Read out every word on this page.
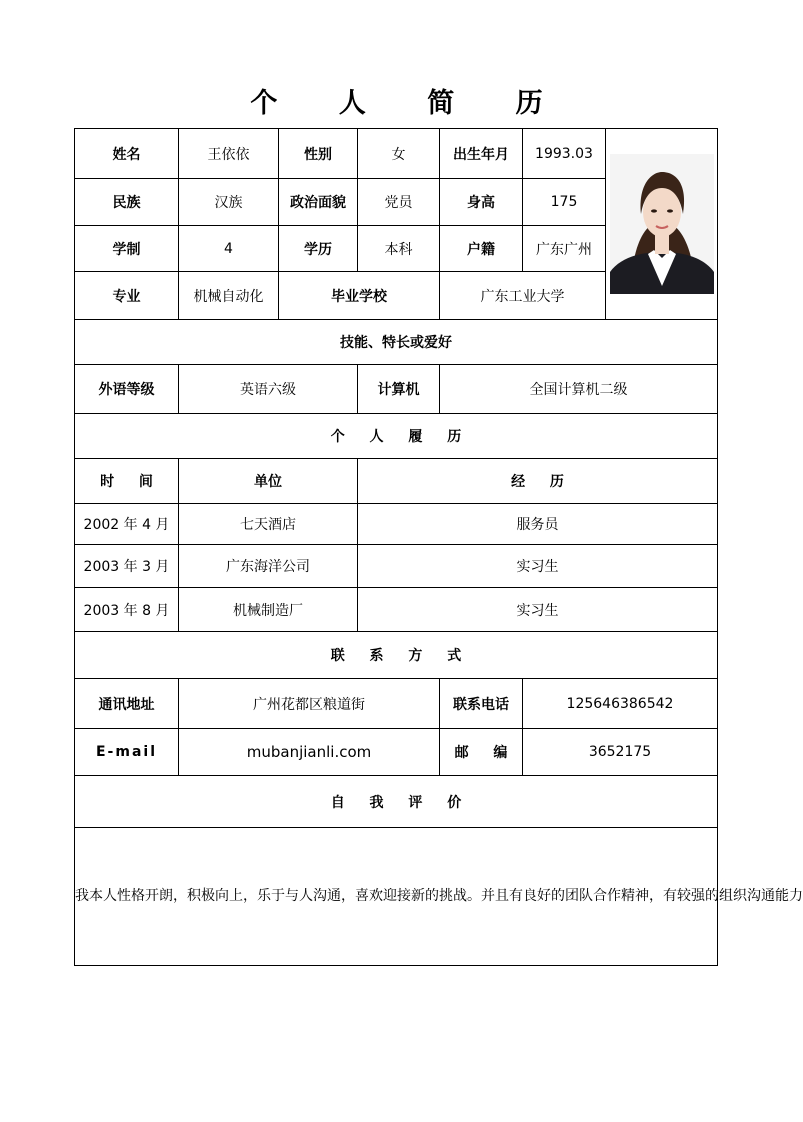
个 人 简 历
姓名	王依依	性别	女	出生年月	1993.03	

民族	汉族	政治面貌	党员	身高	175	
学制	4	学历	本科	户籍	广东广州	
专业	机械自动化	毕业学校		广东工业大学		
技能、特长或爱好						
外语等级	英语六级		计算机	全国计算机二级		
个 人 履 历						
时 间	单位		经 历			
2002 年 4 月	七天酒店		服务员			
2003 年 3 月	广东海洋公司		实习生			
2003 年 8 月	机械制造厂		实习生			
联 系 方 式						
通讯地址	广州花都区粮道街			联系电话	125646386542	
E-mail	mubanjianli.com			邮 编	3652175	
自 我 评 价						
我本人性格开朗，积极向上，乐于与人沟通，喜欢迎接新的挑战。并且有良好的团队合作精神，有较强的组织沟通能力						
